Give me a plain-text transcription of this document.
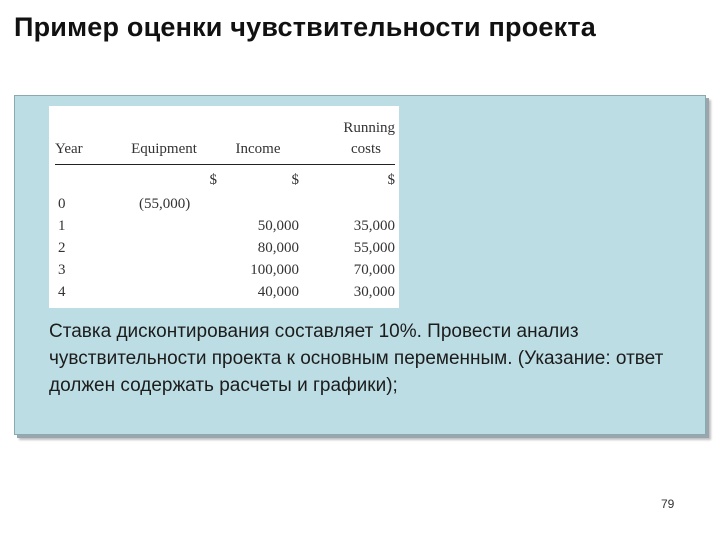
Пример оценки чувствительности проекта
Year	Equipment	Income	Running
costs

	$	$	$
0	(55,000)		
1		50,000	35,000
2		80,000	55,000
3		100,000	70,000
4		40,000	30,000
Ставка дисконтирования составляет 10%. Провести анализ чувствительности проекта к основным переменным. (Указание: ответ должен содержать расчеты и графики);
79
